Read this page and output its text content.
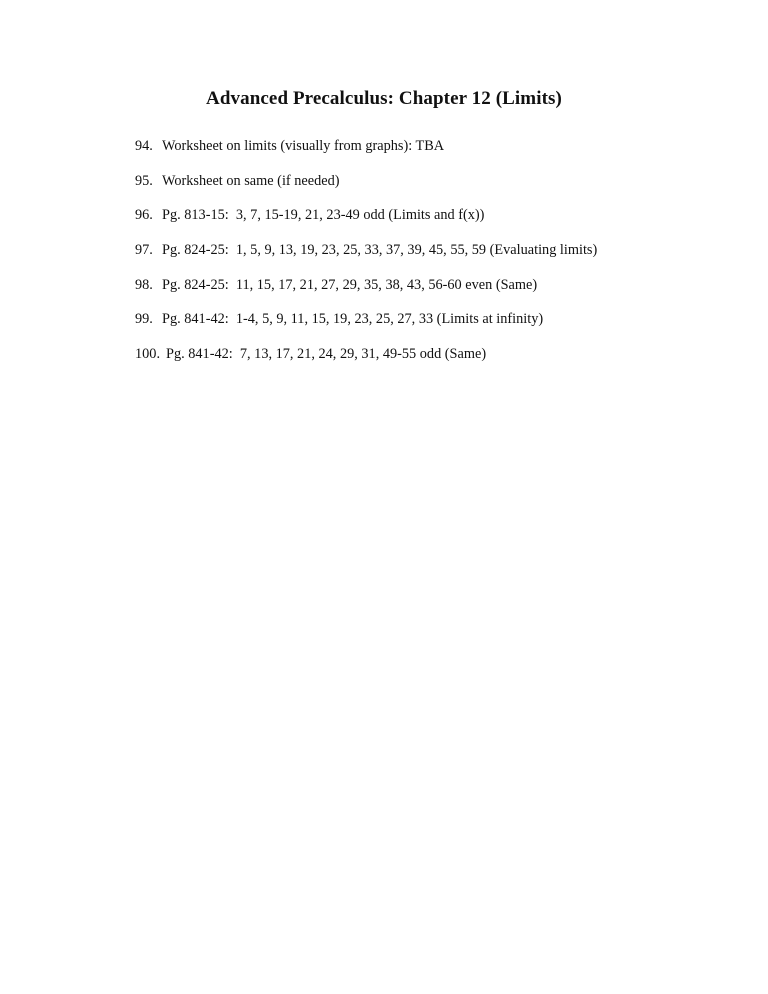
Advanced Precalculus: Chapter 12 (Limits)
94. Worksheet on limits (visually from graphs): TBA
95. Worksheet on same (if needed)
96. Pg. 813-15:  3, 7, 15-19, 21, 23-49 odd (Limits and f(x))
97. Pg. 824-25:  1, 5, 9, 13, 19, 23, 25, 33, 37, 39, 45, 55, 59 (Evaluating limits)
98. Pg. 824-25:  11, 15, 17, 21, 27, 29, 35, 38, 43, 56-60 even (Same)
99. Pg. 841-42:  1-4, 5, 9, 11, 15, 19, 23, 25, 27, 33 (Limits at infinity)
100. Pg. 841-42:  7, 13, 17, 21, 24, 29, 31, 49-55 odd (Same)
